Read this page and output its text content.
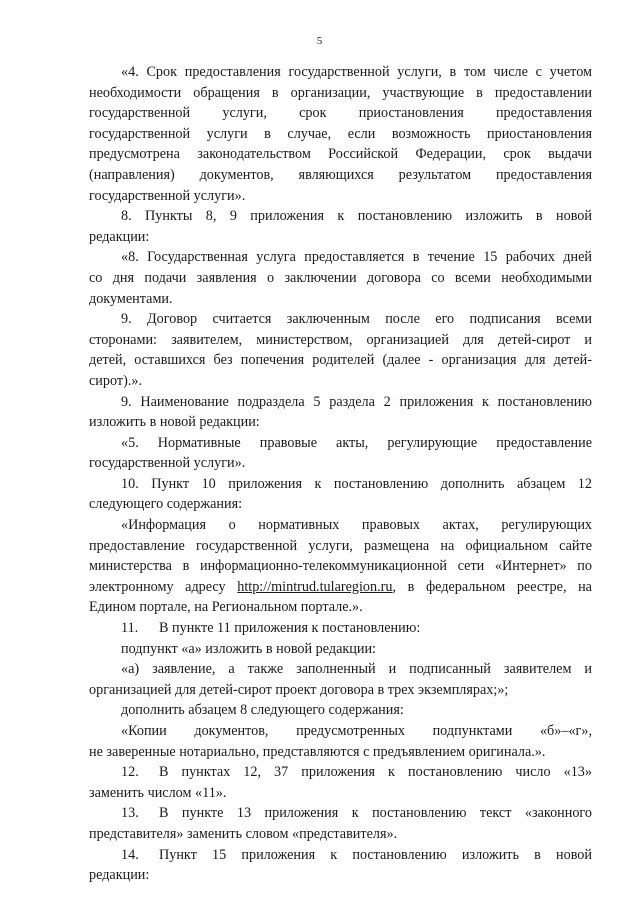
5
«4. Срок предоставления государственной услуги, в том числе с учетом
необходимости обращения в организации, участвующие в предоставлении
государственной услуги, срок приостановления предоставления
государственной услуги в случае, если возможность приостановления
предусмотрена законодательством Российской Федерации, срок выдачи
(направления) документов, являющихся результатом предоставления
государственной услуги».
8. Пункты 8, 9 приложения к постановлению изложить в новой
редакции:
«8. Государственная услуга предоставляется в течение 15 рабочих дней
со дня подачи заявления о заключении договора со всеми необходимыми
документами.
9. Договор считается заключенным после его подписания всеми
сторонами: заявителем, министерством, организацией для детей-сирот и
детей, оставшихся без попечения родителей (далее - организация для детей-
сирот).».
9. Наименование подраздела 5 раздела 2 приложения к постановлению
изложить в новой редакции:
«5. Нормативные правовые акты, регулирующие предоставление
государственной услуги».
10. Пункт 10 приложения к постановлению дополнить абзацем 12
следующего содержания:
«Информация о нормативных правовых актах, регулирующих
предоставление государственной услуги, размещена на официальном сайте
министерства в информационно-телекоммуникационной сети «Интернет» по
электронному адресу http://mintrud.tularegion.ru, в федеральном реестре, на
Едином портале, на Региональном портале.».
11.	В пункте 11 приложения к постановлению:
подпункт «а» изложить в новой редакции:
«а) заявление, а также заполненный и подписанный заявителем и
организацией для детей-сирот проект договора в трех экземплярах;»;
дополнить абзацем 8 следующего содержания:
«Копии документов, предусмотренных подпунктами «б»–«г»,
не заверенные нотариально, представляются с предъявлением оригинала.».
12.	В пунктах 12, 37 приложения к постановлению число «13»
заменить числом «11».
13.	В пункте 13 приложения к постановлению текст «законного
представителя» заменить словом «представителя».
14.	Пункт 15 приложения к постановлению изложить в новой
редакции:
